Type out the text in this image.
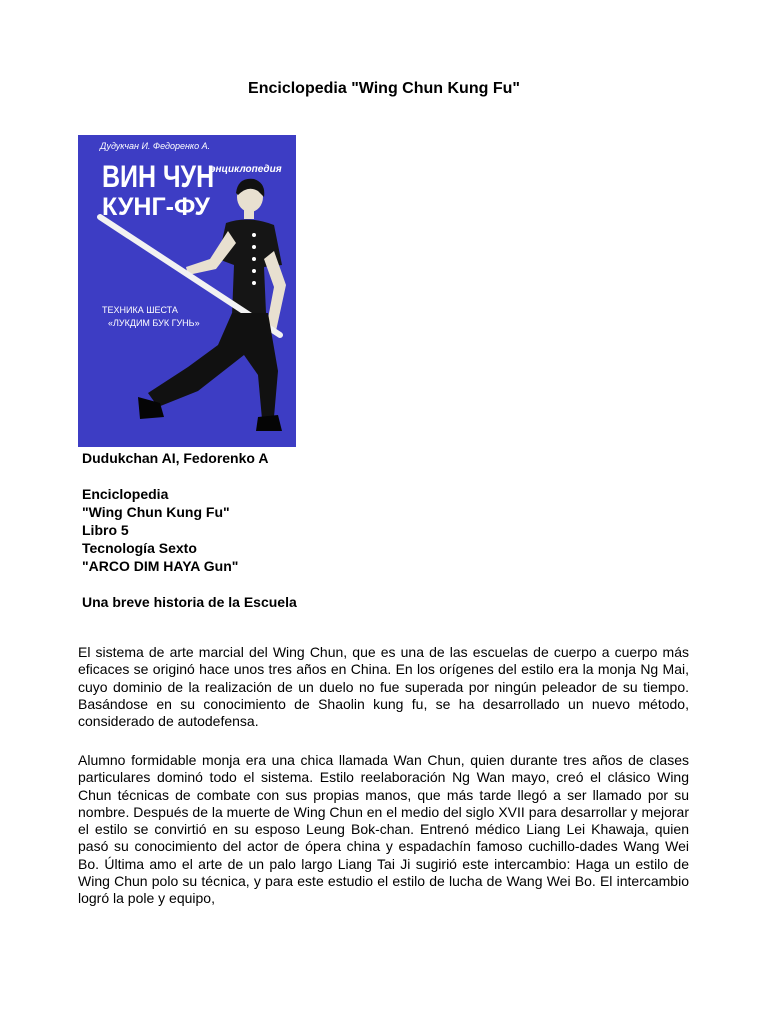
Enciclopedia "Wing Chun Kung Fu"
Дудукчан И. Федоренко А.
энциклопедия
ВИН ЧУН
КУНГ-ФУ
ТЕХНИКА ШЕСТА
«ЛУКДИМ БУК ГУНЬ»
Dudukchan AI, Fedorenko A
Enciclopedia
"Wing Chun Kung Fu"
Libro 5
Tecnología Sexto
"ARCO DIM HAYA Gun"
Una breve historia de la Escuela

El sistema de arte marcial del Wing Chun, que es una de las escuelas de cuerpo a cuerpo más eficaces se originó hace unos tres años en China. En los orígenes del estilo era la monja Ng Mai, cuyo dominio de la realización de un duelo no fue superada por ningún peleador de su tiempo. Basándose en su conocimiento de Shaolin kung fu, se ha desarrollado un nuevo método, considerado de autodefensa.

Alumno formidable monja era una chica llamada Wan Chun, quien durante tres años de clases particulares dominó todo el sistema. Estilo reelaboración Ng Wan mayo, creó el clásico Wing Chun técnicas de combate con sus propias manos, que más tarde llegó a ser llamado por su nombre. Después de la muerte de Wing Chun en el medio del siglo XVII para desarrollar y mejorar el estilo se convirtió en su esposo Leung Bok-chan. Entrenó médico Liang Lei Khawaja, quien pasó su conocimiento del actor de ópera china y espadachín famoso cuchillo-dades Wang Wei Bo. Última amo el arte de un palo largo Liang Tai Ji sugirió este intercambio: Haga un estilo de Wing Chun polo su técnica, y para este estudio el estilo de lucha de Wang Wei Bo. El intercambio logró la pole y equipo,
